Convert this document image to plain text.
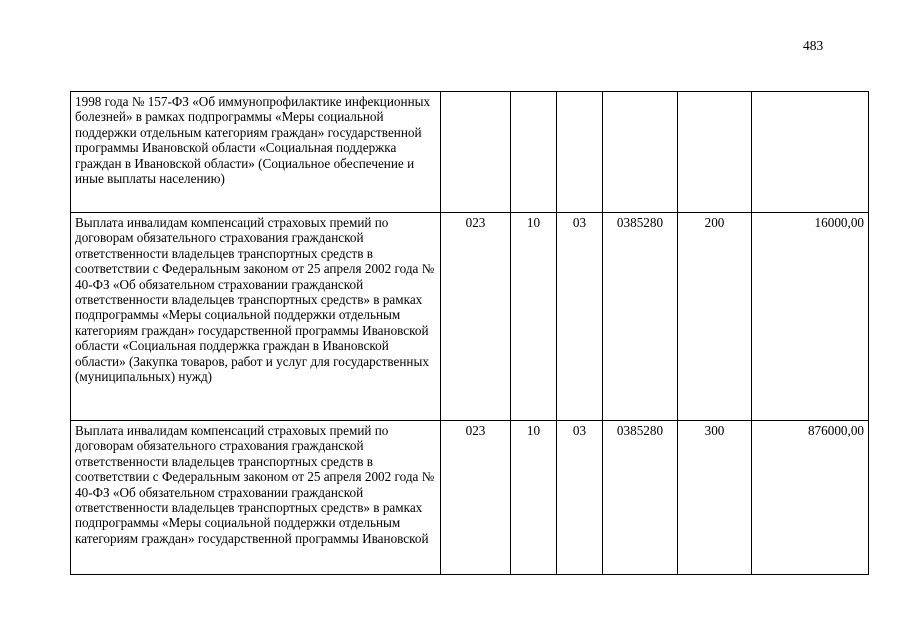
483
1998 года № 157-ФЗ «Об иммунопрофилактике инфекционных болезней» в рамках подпрограммы «Меры социальной поддержки отдельным категориям граждан» государственной программы Ивановской области «Социальная поддержка граждан в Ивановской области» (Социальное обеспечение и иные выплаты населению)						
Выплата инвалидам компенсаций страховых премий по договорам обязательного страхования гражданской ответственности владельцев транспортных средств в соответствии с Федеральным законом от 25 апреля 2002 года № 40-ФЗ «Об обязательном страховании гражданской ответственности владельцев транспортных средств» в рамках подпрограммы «Меры социальной поддержки отдельным категориям граждан» государственной программы Ивановской области «Социальная поддержка граждан в Ивановской области» (Закупка товаров, работ и услуг для государственных (муниципальных) нужд)	023	10	03	0385280	200	16000,00

Выплата инвалидам компенсаций страховых премий по договорам обязательного страхования гражданской ответственности владельцев транспортных средств в соответствии с Федеральным законом от 25 апреля 2002 года № 40-ФЗ «Об обязательном страховании гражданской ответственности владельцев транспортных средств» в рамках подпрограммы «Меры социальной поддержки отдельным категориям граждан» государственной программы Ивановской	023	10	03	0385280	300	876000,00
